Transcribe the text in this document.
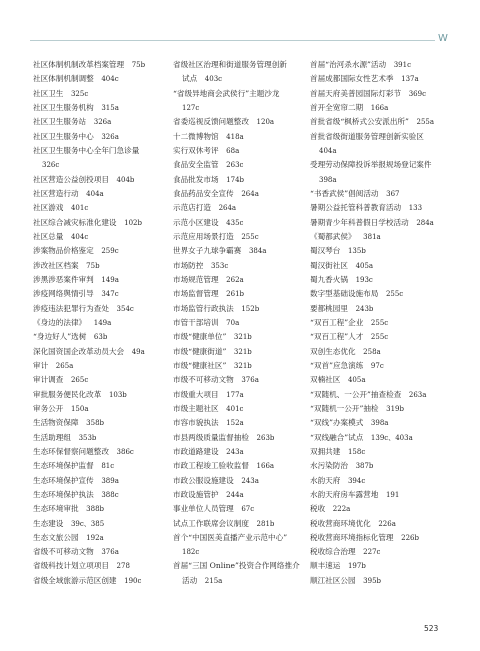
W
社区体制机制改革档案管理  75b
社区体制机制调整  404c
社区卫生  325c
社区卫生服务机构  315a
社区卫生服务站  326a
社区卫生服务中心  326a
社区卫生服务中心全年门急诊量
326c
社区营造公益创投项目  404b
社区营造行动  404a
社区游戏  401c
社区综合减灾标准化建设  102b
社区总量  404c
涉案物品价格鉴定  259c
涉改社区档案  75b
涉黑涉恶案件审判  149a
涉疫网络舆情引导  347c
涉疫违法犯罪行为查处  354c
《身边的法律》  149a
“身边好人”选树  63b
深化国资国企改革动员大会  49a
审计  265a
审计调查  265c
审批服务便民化改革  103b
审务公开  150a
生活物资保障  358b
生活助理组  353b
生态环保督察问题整改  386c
生态环境保护监督  81c
生态环境保护宣传  389a
生态环境保护执法  388c
生态环境审批  388b
生态建设  39c、385
生态文旅公园  192a
省级不可移动文物  376a
省级科技计划立项项目  278
省级全域旅游示范区创建  190c
省级社区治理和街道服务管理创新
试点  403c
“省级异地商会武侯行”主题沙龙
127c
省委巡视反馈问题整改  120a
十二微博物馆  418a
实行双休考评  68a
食品安全监管  263c
食品批发市场  174b
食品药品安全宣传  264a
示范店打造  264a
示范小区建设  435c
示范应用场景打造  255c
世界女子九球争霸赛  384a
市场防控  353c
市场规范管理  262a
市场监督管理  261b
市场监管行政执法  152b
市管干部培训  70a
市级“健康单位”  321b
市级“健康街道”  321b
市级“健康社区”  321b
市级不可移动文物  376a
市级重大项目  177a
市级主题社区  401c
市容市貌执法  152a
市县两级质量监督抽检  263b
市政道路建设  243a
市政工程竣工验收监督  166a
市政公服设施建设  243a
市政设施管护  244a
事业单位人员管理  67c
试点工作联席会议制度  281b
首个“中国医美直播产业示范中心”
182c
首届“三国 Online”投资合作网络推介
活动  215a
首届“治河杀水源”活动  391c
首届成都国际女性艺术季  137a
首届天府美普园国际灯彩节  369c
首开全宽帘二期  166a
首批省级“枫桥式公安派出所”  255a
首批省级街道服务管理创新实验区
404a
受理劳动保障投诉举报规场登记案件
398a
“书香武侯”倡阅活动  367
暑期公益托管科普教育活动  133
暑期青少年科普假日学校活动  284a
《蜀都武侯》  381a
蜀汉琴台  135b
蜀汉街社区  405a
蜀九香火锅  193c
数字型基础设施布局  255c
要都桃园里  243b
“双百工程”企业  255c
“双百工程”人才  255c
双创生态优化  258a
“双首”应急演练  97c
双楠社区  405a
“双随机、一公开”抽查检查  263a
“双随机一公开”抽检  319b
“双线”办案模式  398a
“双线融合”试点  139c、403a
双拥共建  158c
水污染防治  387b
水韵天府  394c
水韵天府房车露营地  191
税收  222a
税收营商环境优化  226a
税收营商环境指标化管理  226b
税收综合治理  227c
顺丰速运  197b
顺江社区公园  395b
523
